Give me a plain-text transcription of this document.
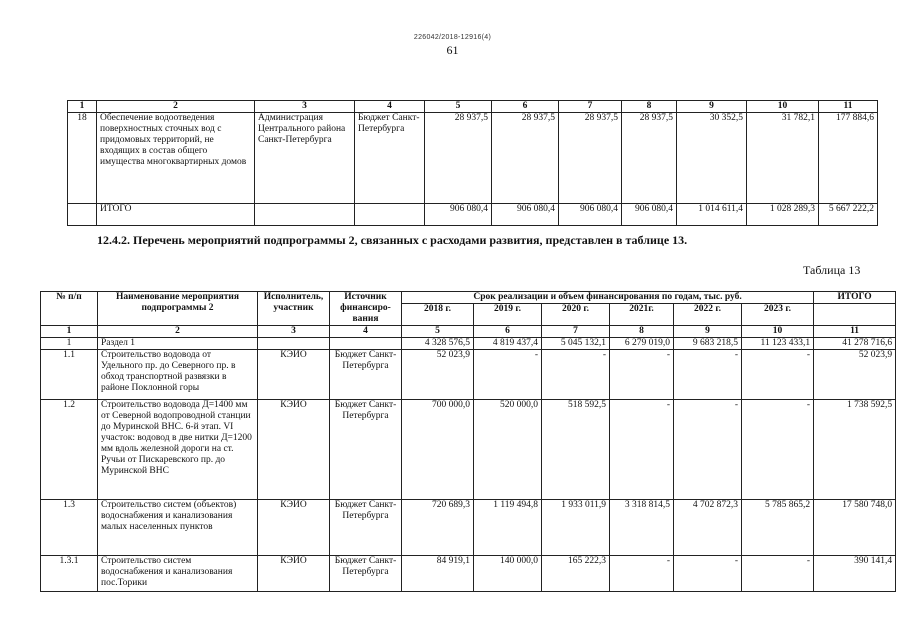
226042/2018-12916(4)
61
1	2	3	4	5	6	7	8	9	10	11
18	Обеспечение водоотведения поверхностных сточных вод с придомовых территорий, не входящих в состав общего имущества многоквартирных домов	Администрация Центрального района Санкт-Петербурга	Бюджет Санкт-Петербурга	28 937,5	28 937,5	28 937,5	28 937,5	30 352,5	31 782,1	177 884,6
	ИТОГО			906 080,4	906 080,4	906 080,4	906 080,4	1 014 611,4	1 028 289,3	5 667 222,2
12.4.2. Перечень мероприятий подпрограммы 2, связанных с расходами развития, представлен в таблице 13.
Таблица 13
№ п/п	Наименование мероприятия подпрограммы 2	Исполнитель, участник	Источник финансиро-вания	Срок реализации и объем финансирования по годам, тыс. руб.						ИТОГО
				2018 г.	2019 г.	2020 г.	2021г.	2022 г.	2023 г.	
1	2	3	4	5	6	7	8	9	10	11
1	Раздел 1			4 328 576,5	4 819 437,4	5 045 132,1	6 279 019,0	9 683 218,5	11 123 433,1	41 278 716,6
1.1	Строительство водовода от Удельного пр. до Северного пр. в обход транспортной развязки в районе Поклонной горы	КЭИО	Бюджет Санкт-Петербурга	52 023,9	-	-	-	-	-	52 023,9
1.2	Строительство водовода Д=1400 мм от Северной водопроводной станции до Муринской ВНС. 6-й этап. VI участок: водовод в две нитки Д=1200 мм вдоль железной дороги на ст. Ручьи от Пискаревского пр. до Муринской ВНС	КЭИО	Бюджет Санкт-Петербурга	700 000,0	520 000,0	518 592,5	-	-	-	1 738 592,5
1.3	Строительство систем (объектов) водоснабжения и канализования малых населенных пунктов	КЭИО	Бюджет Санкт-Петербурга	720 689,3	1 119 494,8	1 933 011,9	3 318 814,5	4 702 872,3	5 785 865,2	17 580 748,0
1.3.1	Строительство систем водоснабжения и канализования пос.Торики	КЭИО	Бюджет Санкт-Петербурга	84 919,1	140 000,0	165 222,3	-	-	-	390 141,4
